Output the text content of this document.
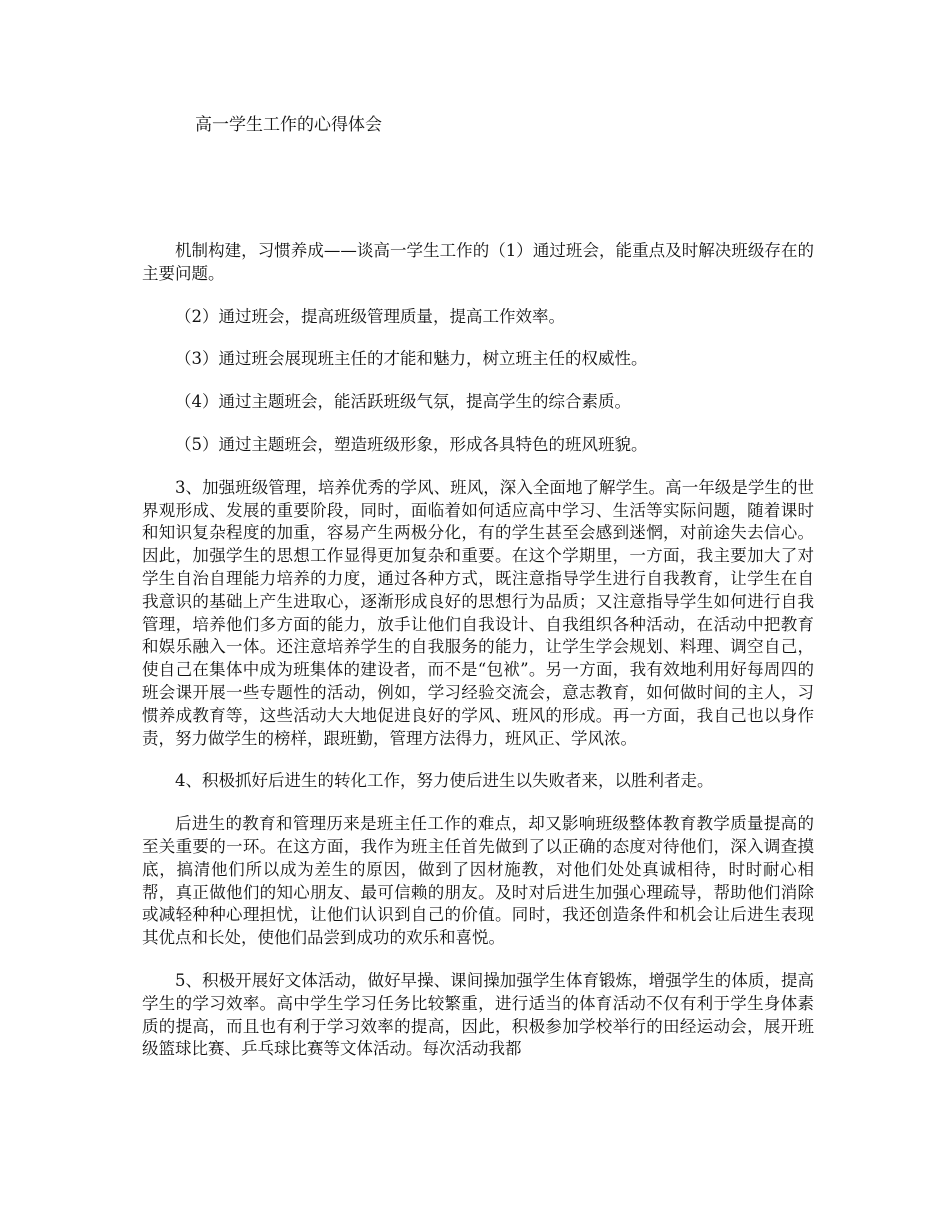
高一学生工作的心得体会

机制构建，习惯养成——谈高一学生工作的（1）通过班会，能重点及时解决班级存在的主要问题。

（2）通过班会，提高班级管理质量，提高工作效率。

（3）通过班会展现班主任的才能和魅力，树立班主任的权威性。

（4）通过主题班会，能活跃班级气氛，提高学生的综合素质。

（5）通过主题班会，塑造班级形象，形成各具特色的班风班貌。

3、加强班级管理，培养优秀的学风、班风，深入全面地了解学生。高一年级是学生的世界观形成、发展的重要阶段，同时，面临着如何适应高中学习、生活等实际问题，随着课时和知识复杂程度的加重，容易产生两极分化，有的学生甚至会感到迷惘，对前途失去信心。因此，加强学生的思想工作显得更加复杂和重要。在这个学期里，一方面，我主要加大了对学生自治自理能力培养的力度，通过各种方式，既注意指导学生进行自我教育，让学生在自我意识的基础上产生进取心，逐渐形成良好的思想行为品质；又注意指导学生如何进行自我管理，培养他们多方面的能力，放手让他们自我设计、自我组织各种活动，在活动中把教育和娱乐融入一体。还注意培养学生的自我服务的能力，让学生学会规划、料理、调空自己，使自己在集体中成为班集体的建设者，而不是“包袱”。另一方面，我有效地利用好每周四的班会课开展一些专题性的活动，例如，学习经验交流会，意志教育，如何做时间的主人，习惯养成教育等，这些活动大大地促进良好的学风、班风的形成。再一方面，我自己也以身作责，努力做学生的榜样，跟班勤，管理方法得力，班风正、学风浓。

4、积极抓好后进生的转化工作，努力使后进生以失败者来，以胜利者走。

后进生的教育和管理历来是班主任工作的难点，却又影响班级整体教育教学质量提高的至关重要的一环。在这方面，我作为班主任首先做到了以正确的态度对待他们，深入调查摸底，搞清他们所以成为差生的原因，做到了因材施教，对他们处处真诚相待，时时耐心相帮，真正做他们的知心朋友、最可信赖的朋友。及时对后进生加强心理疏导，帮助他们消除或减轻种种心理担忧，让他们认识到自己的价值。同时，我还创造条件和机会让后进生表现其优点和长处，使他们品尝到成功的欢乐和喜悦。

5、积极开展好文体活动，做好早操、课间操加强学生体育锻炼，增强学生的体质，提高学生的学习效率。高中学生学习任务比较繁重，进行适当的体育活动不仅有利于学生身体素质的提高，而且也有利于学习效率的提高，因此，积极参加学校举行的田经运动会，展开班级篮球比赛、乒乓球比赛等文体活动。每次活动我都
